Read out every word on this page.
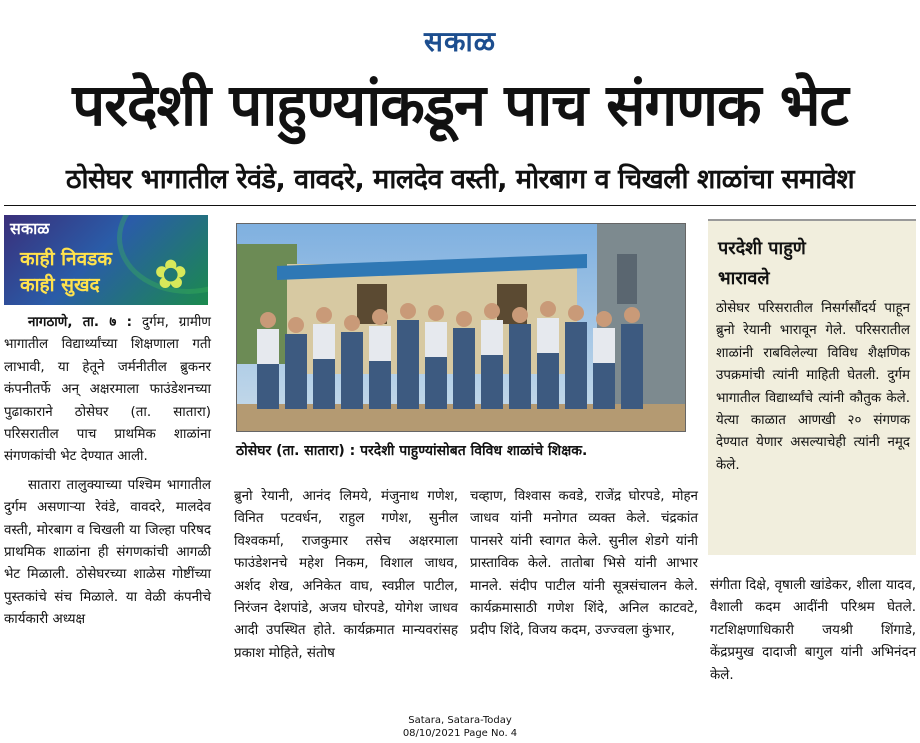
सकाळ
परदेशी पाहुण्यांकडून पाच संगणक भेट
ठोसेघर भागातील रेवंडे, वावदरे, मालदेव वस्ती, मोरबाग व चिखली शाळांचा समावेश
सकाळ
काही निवडक
काही सुखद ✿

नागठाणे, ता. ७ : दुर्गम, ग्रामीण भागातील विद्यार्थ्यांच्या शिक्षणाला गती लाभावी, या हेतूने जर्मनीतील ब्रुकनर कंपनीतर्फे अन् अक्षरमाला फाउंडेशनच्या पुढाकाराने ठोसेघर (ता. सातारा) परिसरातील पाच प्राथमिक शाळांना संगणकांची भेट देण्यात आली.

सातारा तालुक्याच्या पश्चिम भागातील दुर्गम असणाऱ्या रेवंडे, वावदरे, मालदेव वस्ती, मोरबाग व चिखली या जिल्हा परिषद प्राथमिक शाळांना ही संगणकांची आगळी भेट मिळाली. ठोसेघरच्या शाळेस गोष्टींच्या पुस्तकांचे संच मिळाले. या वेळी कंपनीचे कार्यकारी अध्यक्ष

ठोसेघर (ता. सातारा) : परदेशी पाहुण्यांसोबत विविध शाळांचे शिक्षक.
ब्रुनो रेयानी, आनंद लिमये, मंजुनाथ गणेश, विनित पटवर्धन, राहुल गणेश, सुनील विश्वकर्मा, राजकुमार तसेच अक्षरमाला फाउंडेशनचे महेश निकम, विशाल जाधव, अर्शद शेख, अनिकेत वाघ, स्वप्नील पाटील, निरंजन देशपांडे, अजय घोरपडे, योगेश जाधव आदी उपस्थित होते. कार्यक्रमात मान्यवरांसह प्रकाश मोहिते, संतोष
चव्हाण, विश्वास कवडे, राजेंद्र घोरपडे, मोहन जाधव यांनी मनोगत व्यक्त केले. चंद्रकांत पानसरे यांनी स्वागत केले. सुनील शेडगे यांनी प्रास्ताविक केले. तातोबा भिसे यांनी आभार मानले. संदीप पाटील यांनी सूत्रसंचालन केले. कार्यक्रमासाठी गणेश शिंदे, अनिल काटवटे, प्रदीप शिंदे, विजय कदम, उज्ज्वला कुंभार,
परदेशी पाहुणे
भारावले
ठोसेघर परिसरातील निसर्गसौंदर्य पाहून ब्रुनो रेयानी भारावून गेले. परिसरातील शाळांनी राबविलेल्या विविध शैक्षणिक उपक्रमांची त्यांनी माहिती घेतली. दुर्गम भागातील विद्यार्थ्यांचे त्यांनी कौतुक केले. येत्या काळात आणखी २० संगणक देण्यात येणार असल्याचेही त्यांनी नमूद केले.
संगीता दिक्षे, वृषाली खांडेकर, शीला यादव, वैशाली कदम आदींनी परिश्रम घेतले. गटशिक्षणाधिकारी जयश्री शिंगाडे, केंद्रप्रमुख दादाजी बागुल यांनी अभिनंदन केले.
Satara, Satara-Today
08/10/2021 Page No. 4
